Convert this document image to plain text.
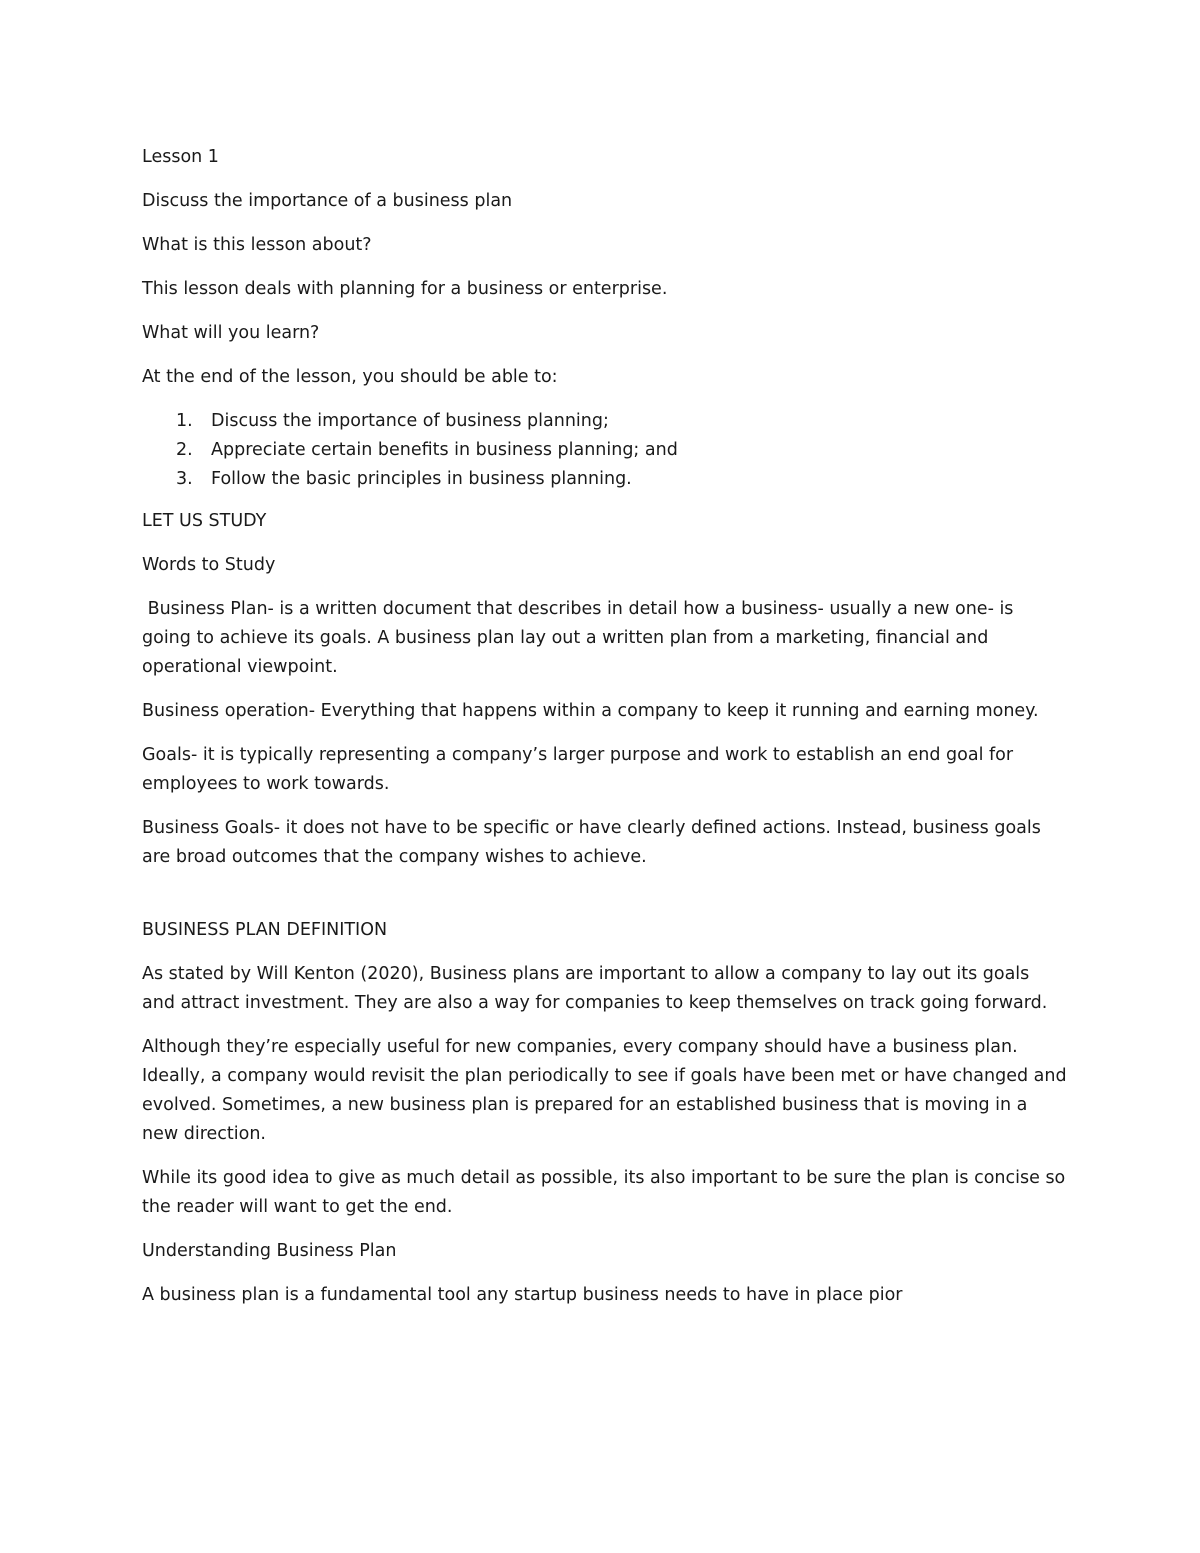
Lesson 1

Discuss the importance of a business plan

What is this lesson about?

This lesson deals with planning for a business or enterprise.

What will you learn?

At the end of the lesson, you should be able to:

1. Discuss the importance of business planning;
2. Appreciate certain benefits in business planning; and
3. Follow the basic principles in business planning.

LET US STUDY

Words to Study

Business Plan- is a written document that describes in detail how a business- usually a new one- is going to achieve its goals. A business plan lay out a written plan from a marketing, financial and operational viewpoint.

Business operation- Everything that happens within a company to keep it running and earning money.

Goals- it is typically representing a company’s larger purpose and work to establish an end goal for employees to work towards.

Business Goals- it does not have to be specific or have clearly defined actions. Instead, business goals are broad outcomes that the company wishes to achieve.

BUSINESS PLAN DEFINITION

As stated by Will Kenton (2020), Business plans are important to allow a company to lay out its goals and attract investment. They are also a way for companies to keep themselves on track going forward.

Although they’re especially useful for new companies, every company should have a business plan. Ideally, a company would revisit the plan periodically to see if goals have been met or have changed and evolved. Sometimes, a new business plan is prepared for an established business that is moving in a new direction.

While its good idea to give as much detail as possible, its also important to be sure the plan is concise so the reader will want to get the end.

Understanding Business Plan

A business plan is a fundamental tool any startup business needs to have in place pior
